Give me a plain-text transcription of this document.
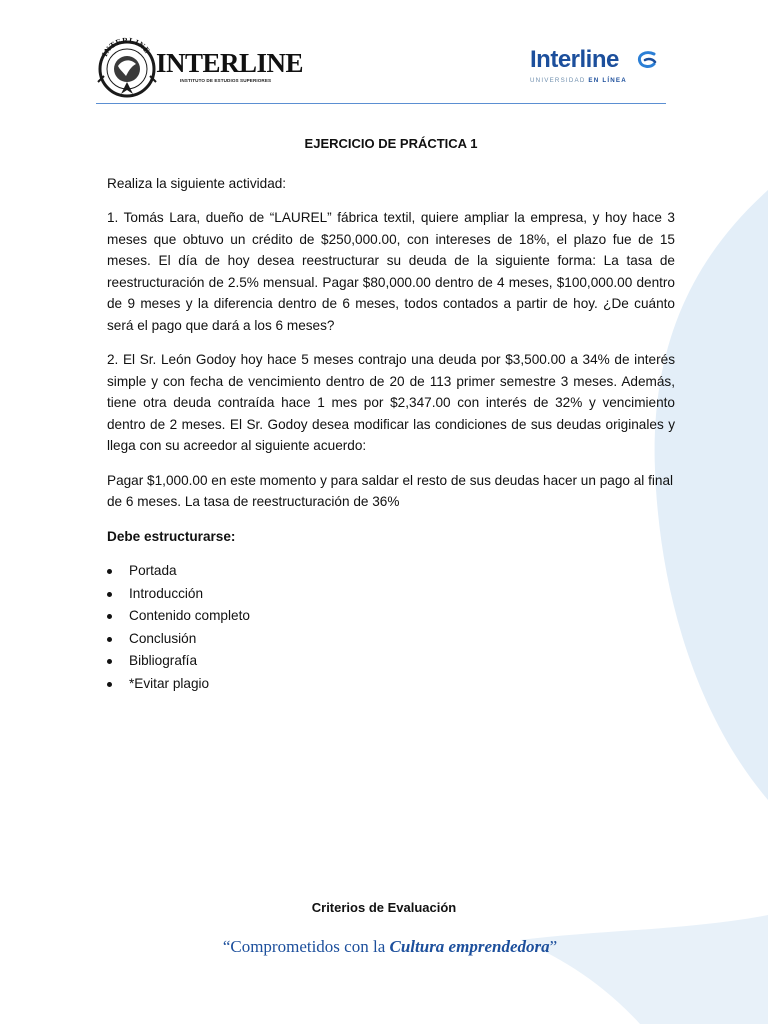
INTERLINE INTERLINE
INSTITUTO DE ESTUDIOS SUPERIORES
Interline
UNIVERSIDAD EN LÍNEA
EJERCICIO DE PRÁCTICA 1

Realiza la siguiente actividad:

1. Tomás Lara, dueño de “LAUREL” fábrica textil, quiere ampliar la empresa, y hoy hace 3 meses que obtuvo un crédito de $250,000.00, con intereses de 18%, el plazo fue de 15 meses. El día de hoy desea reestructurar su deuda de la siguiente forma: La tasa de reestructuración de 2.5% mensual. Pagar $80,000.00 dentro de 4 meses, $100,000.00 dentro de 9 meses y la diferencia dentro de 6 meses, todos contados a partir de hoy. ¿De cuánto será el pago que dará a los 6 meses?

2. El Sr. León Godoy hoy hace 5 meses contrajo una deuda por $3,500.00 a 34% de interés simple y con fecha de vencimiento dentro de 20 de 113 primer semestre 3 meses. Además, tiene otra deuda contraída hace 1 mes por $2,347.00 con interés de 32% y vencimiento dentro de 2 meses. El Sr. Godoy desea modificar las condiciones de sus deudas originales y llega con su acreedor al siguiente acuerdo:

Pagar $1,000.00 en este momento y para saldar el resto de sus deudas hacer un pago al final de 6 meses. La tasa de reestructuración de 36%

Debe estructurarse:

Portada
Introducción
Contenido completo
Conclusión
Bibliografía
*Evitar plagio
Criterios de Evaluación
“Comprometidos con la Cultura emprendedora”
